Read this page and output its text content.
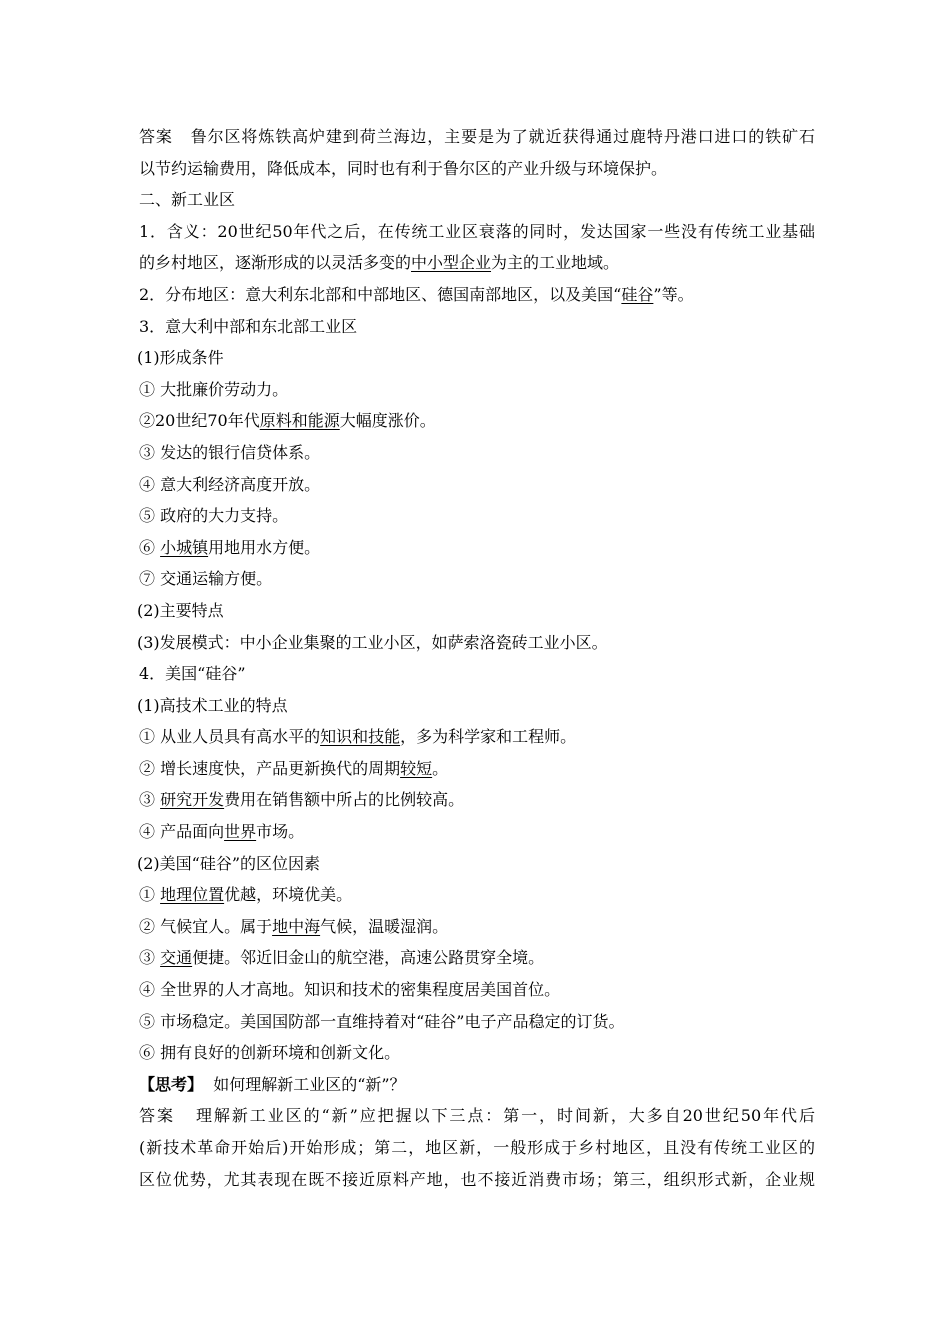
答案 鲁尔区将炼铁高炉建到荷兰海边，主要是为了就近获得通过鹿特丹港口进口的铁矿石
以节约运输费用，降低成本，同时也有利于鲁尔区的产业升级与环境保护。
二、新工业区
1．含义：20世纪50年代之后，在传统工业区衰落的同时，发达国家一些没有传统工业基础
的乡村地区，逐渐形成的以灵活多变的中小型企业为主的工业地域。
2．分布地区：意大利东北部和中部地区、德国南部地区，以及美国“硅谷”等。
3．意大利中部和东北部工业区
(1)形成条件
① 大批廉价劳动力。
②20世纪70年代原料和能源大幅度涨价。
③ 发达的银行信贷体系。
④ 意大利经济高度开放。
⑤ 政府的大力支持。
⑥ 小城镇用地用水方便。
⑦ 交通运输方便。
(2)主要特点
(3)发展模式：中小企业集聚的工业小区，如萨索洛瓷砖工业小区。
4．美国“硅谷”
(1)高技术工业的特点
① 从业人员具有高水平的知识和技能，多为科学家和工程师。
② 增长速度快，产品更新换代的周期较短。
③ 研究开发费用在销售额中所占的比例较高。
④ 产品面向世界市场。
(2)美国“硅谷”的区位因素
① 地理位置优越，环境优美。
② 气候宜人。属于地中海气候，温暖湿润。
③ 交通便捷。邻近旧金山的航空港，高速公路贯穿全境。
④ 全世界的人才高地。知识和技术的密集程度居美国首位。
⑤ 市场稳定。美国国防部一直维持着对“硅谷”电子产品稳定的订货。
⑥ 拥有良好的创新环境和创新文化。
【思考】 如何理解新工业区的“新”？
答案 理解新工业区的“新”应把握以下三点：第一，时间新，大多自20世纪50年代后
(新技术革命开始后)开始形成；第二，地区新，一般形成于乡村地区，且没有传统工业区的
区位优势，尤其表现在既不接近原料产地，也不接近消费市场；第三，组织形式新，企业规
